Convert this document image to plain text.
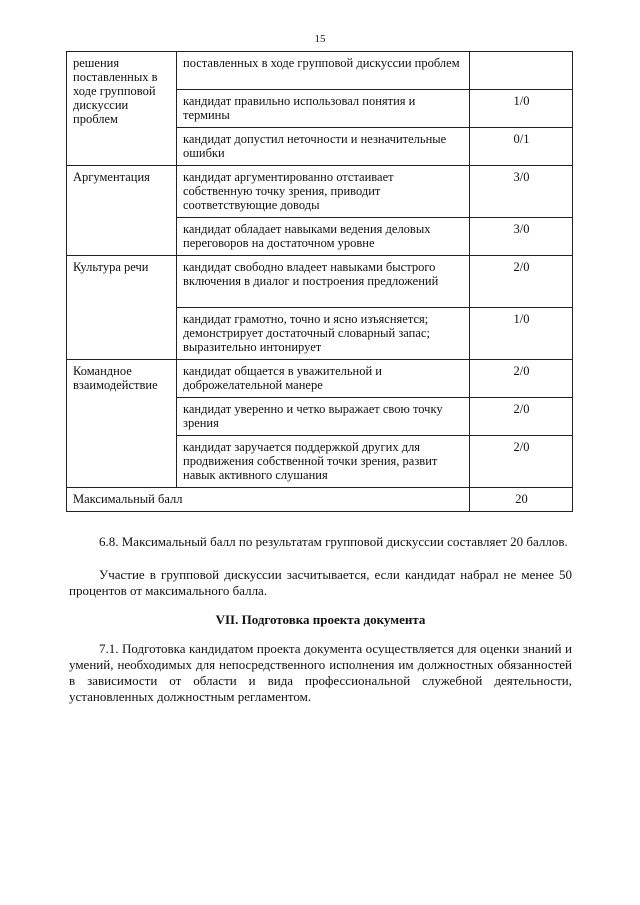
15
решения поставленных в ходе групповой дискуссии проблем	поставленных в ходе групповой дискуссии проблем	
	кандидат правильно использовал понятия и термины	1/0
	кандидат допустил неточности и незначительные ошибки	0/1
Аргументация	кандидат аргументированно отстаивает собственную точку зрения, приводит соответствующие доводы	3/0
	кандидат обладает навыками ведения деловых переговоров на достаточном уровне	3/0
Культура речи	кандидат свободно владеет навыками быстрого включения в диалог и построения предложений	2/0
	кандидат грамотно, точно и ясно изъясняется; демонстрирует достаточный словарный запас; выразительно интонирует	1/0
Командное взаимодействие	кандидат общается в уважительной и доброжелательной манере	2/0
	кандидат уверенно и четко выражает свою точку зрения	2/0
	кандидат заручается поддержкой других для продвижения собственной точки зрения, развит навык активного слушания	2/0
Максимальный балл		20

6.8. Максимальный балл по результатам групповой дискуссии составляет 20 баллов.

Участие в групповой дискуссии засчитывается, если кандидат набрал не менее 50 процентов от максимального балла.

VII. Подготовка проекта документа

7.1. Подготовка кандидатом проекта документа осуществляется для оценки знаний и умений, необходимых для непосредственного исполнения им должностных обязанностей в зависимости от области и вида профессиональной служебной деятельности, установленных должностным регламентом.
